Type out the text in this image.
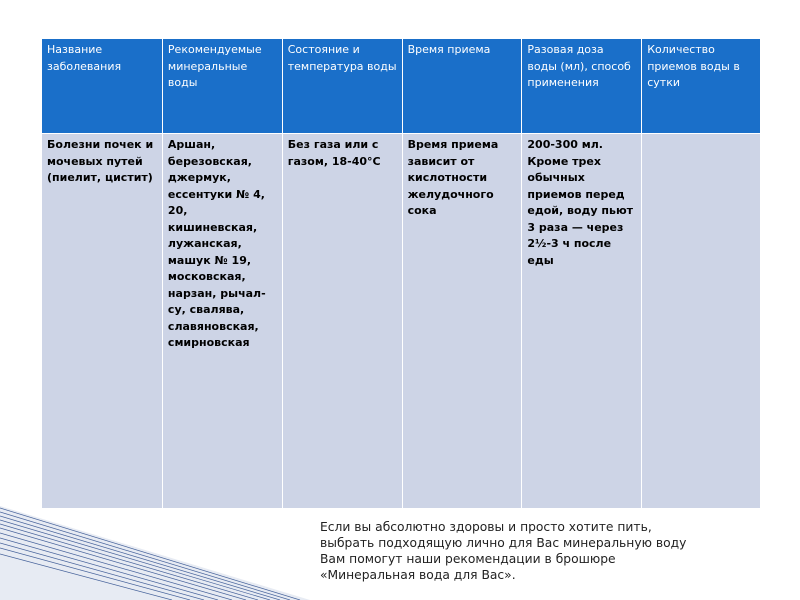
Название заболевания	Рекомендуемые минеральные воды	Состояние и температура воды	Время приема	Разовая доза воды (мл), способ применения	Количество приемов воды в сутки
Болезни почек и мочевых путей (пиелит, цистит)	Аршан, березовская, джермук, ессентуки № 4, 20, кишиневская, лужанская, машук № 19, московская, нарзан, рычал-су, свалява, славяновская, смирновская	Без газа или с газом, 18-40°С	Время приема зависит от кислотности желудочного сока	200-300 мл. Кроме трех обычных приемов перед едой, воду пьют 3 раза — через 2½-3 ч после еды	

Если вы абсолютно здоровы и просто хотите пить,
выбрать подходящую лично для Вас минеральную воду
Вам помогут наши рекомендации в брошюре
«Минеральная вода для Вас».
